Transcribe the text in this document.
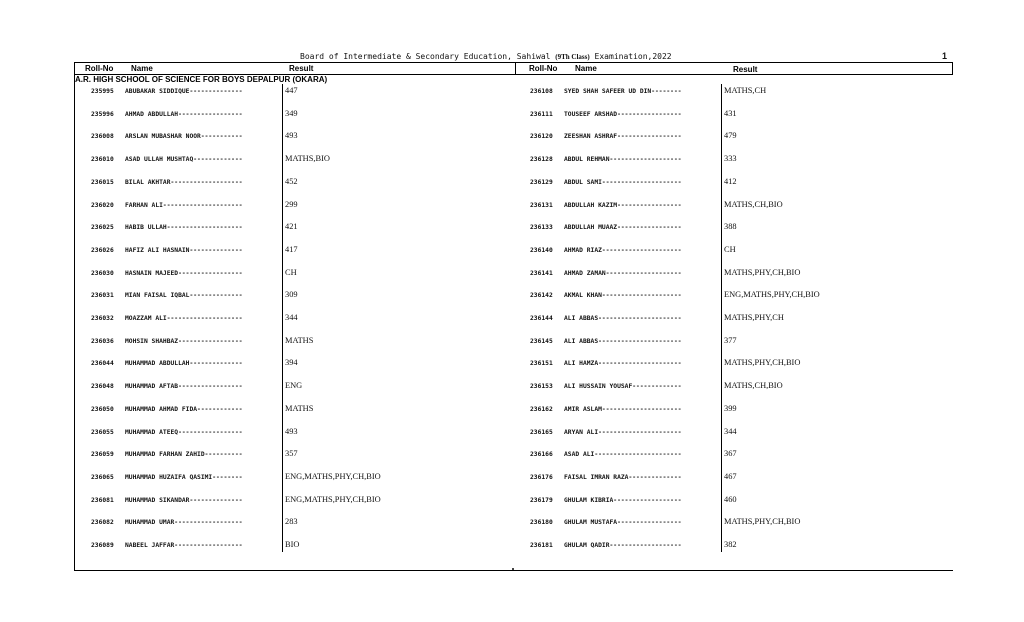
Board of Intermediate & Secondary Education, Sahiwal (9Th Class) Examination,2022	1
Roll-No Name	Result	Roll-No Name	Result
A.R. HIGH SCHOOL OF SCIENCE FOR BOYS DEPALPUR (OKARA)
235995 ABUBAKAR SIDDIQUE--------------	447
235996 AHMAD ABDULLAH-----------------	349
236008 ARSLAN MUBASHAR NOOR-----------	493
236010 ASAD ULLAH MUSHTAQ-------------	MATHS,BIO
236015 BILAL AKHTAR-------------------	452
236020 FARHAN ALI---------------------	299
236025 HABIB ULLAH--------------------	421
236026 HAFIZ ALI HASNAIN--------------	417
236030 HASNAIN MAJEED-----------------	CH
236031 MIAN FAISAL IQBAL--------------	309
236032 MOAZZAM ALI--------------------	344
236036 MOHSIN SHAHBAZ-----------------	MATHS
236044 MUHAMMAD ABDULLAH--------------	394
236048 MUHAMMAD AFTAB-----------------	ENG
236050 MUHAMMAD AHMAD FIDA------------	MATHS
236055 MUHAMMAD ATEEQ-----------------	493
236059 MUHAMMAD FARHAN ZAHID----------	357
236065 MUHAMMAD HUZAIFA QASIMI--------	ENG,MATHS,PHY,CH,BIO
236081 MUHAMMAD SIKANDAR--------------	ENG,MATHS,PHY,CH,BIO
236082 MUHAMMAD UMAR------------------	283
236089 NABEEL JAFFAR------------------	BIO
236108 SYED SHAH SAFEER UD DIN--------	MATHS,CH
236111 TOUSEEF ARSHAD-----------------	431
236120 ZEESHAN ASHRAF-----------------	479
236128 ABDUL REHMAN-------------------	333
236129 ABDUL SAMI---------------------	412
236131 ABDULLAH KAZIM-----------------	MATHS,CH,BIO
236133 ABDULLAH MUAAZ-----------------	388
236140 AHMAD RIAZ---------------------	CH
236141 AHMAD ZAMAN--------------------	MATHS,PHY,CH,BIO
236142 AKMAL KHAN---------------------	ENG,MATHS,PHY,CH,BIO
236144 ALI ABBAS----------------------	MATHS,PHY,CH
236145 ALI ABBAS----------------------	377
236151 ALI HAMZA----------------------	MATHS,PHY,CH,BIO
236153 ALI HUSSAIN YOUSAF-------------	MATHS,CH,BIO
236162 AMIR ASLAM---------------------	399
236165 ARYAN ALI----------------------	344
236166 ASAD ALI-----------------------	367
236176 FAISAL IMRAN RAZA--------------	467
236179 GHULAM KIBRIA------------------	460
236180 GHULAM MUSTAFA-----------------	MATHS,PHY,CH,BIO
236181 GHULAM QADIR-------------------	382
